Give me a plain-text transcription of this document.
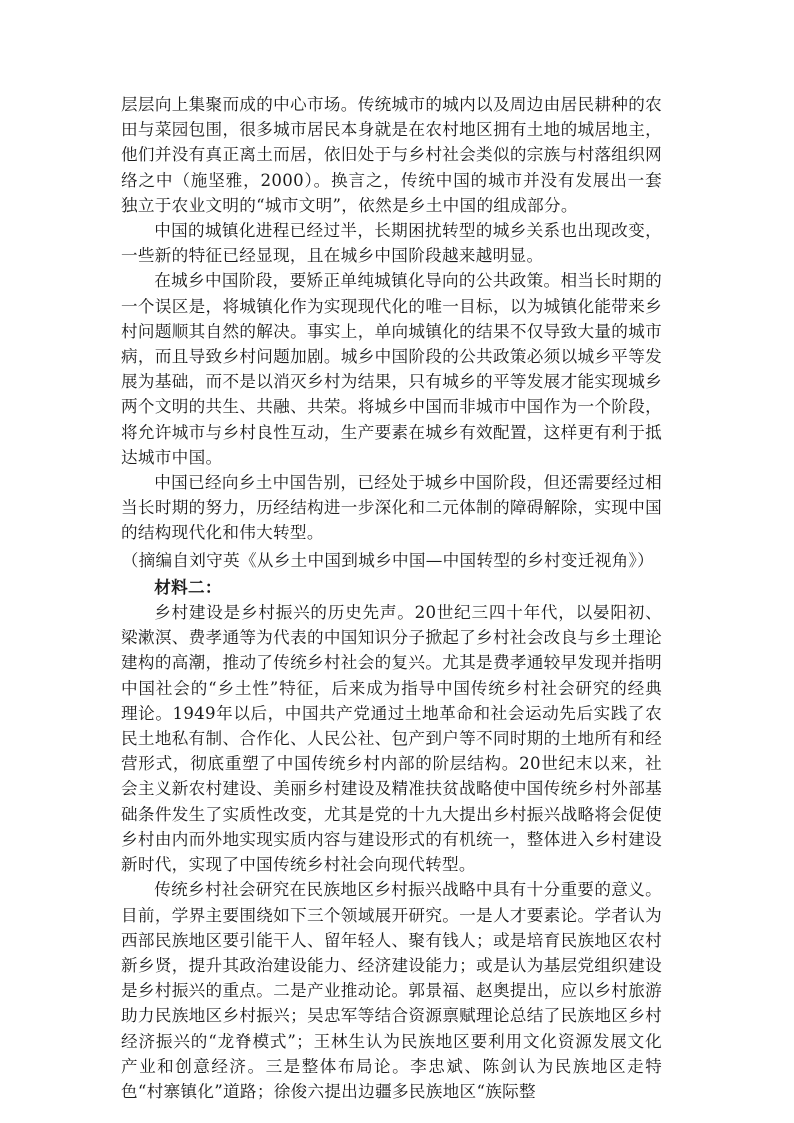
层层向上集聚而成的中心市场。传统城市的城内以及周边由居民耕种的农田与菜园包围，很多城市居民本身就是在农村地区拥有土地的城居地主，他们并没有真正离土而居，依旧处于与乡村社会类似的宗族与村落组织网络之中（施坚雅，2000）。换言之，传统中国的城市并没有发展出一套独立于农业文明的“城市文明”，依然是乡土中国的组成部分。

中国的城镇化进程已经过半，长期困扰转型的城乡关系也出现改变，一些新的特征已经显现，且在城乡中国阶段越来越明显。

在城乡中国阶段，要矫正单纯城镇化导向的公共政策。相当长时期的一个误区是，将城镇化作为实现现代化的唯一目标，以为城镇化能带来乡村问题顺其自然的解决。事实上，单向城镇化的结果不仅导致大量的城市病，而且导致乡村问题加剧。城乡中国阶段的公共政策必须以城乡平等发展为基础，而不是以消灭乡村为结果，只有城乡的平等发展才能实现城乡两个文明的共生、共融、共荣。将城乡中国而非城市中国作为一个阶段，将允许城市与乡村良性互动，生产要素在城乡有效配置，这样更有利于抵达城市中国。

中国已经向乡土中国告别，已经处于城乡中国阶段，但还需要经过相当长时期的努力，历经结构进一步深化和二元体制的障碍解除，实现中国的结构现代化和伟大转型。

（摘编自刘守英《从乡土中国到城乡中国—中国转型的乡村变迁视角》）

材料二：

乡村建设是乡村振兴的历史先声。20世纪三四十年代，以晏阳初、梁漱溟、费孝通等为代表的中国知识分子掀起了乡村社会改良与乡土理论建构的高潮，推动了传统乡村社会的复兴。尤其是费孝通较早发现并指明中国社会的“乡土性”特征，后来成为指导中国传统乡村社会研究的经典理论。1949年以后，中国共产党通过土地革命和社会运动先后实践了农民土地私有制、合作化、人民公社、包产到户等不同时期的土地所有和经营形式，彻底重塑了中国传统乡村内部的阶层结构。20世纪末以来，社会主义新农村建设、美丽乡村建设及精准扶贫战略使中国传统乡村外部基础条件发生了实质性改变，尤其是党的十九大提出乡村振兴战略将会促使乡村由内而外地实现实质内容与建设形式的有机统一，整体进入乡村建设新时代，实现了中国传统乡村社会向现代转型。

传统乡村社会研究在民族地区乡村振兴战略中具有十分重要的意义。目前，学界主要围绕如下三个领域展开研究。一是人才要素论。学者认为西部民族地区要引能干人、留年轻人、聚有钱人；或是培育民族地区农村新乡贤，提升其政治建设能力、经济建设能力；或是认为基层党组织建设是乡村振兴的重点。二是产业推动论。郭景福、赵奥提出，应以乡村旅游助力民族地区乡村振兴；吴忠军等结合资源禀赋理论总结了民族地区乡村经济振兴的“龙脊模式”；王林生认为民族地区要利用文化资源发展文化产业和创意经济。三是整体布局论。李忠斌、陈剑认为民族地区走特色“村寨镇化”道路；徐俊六提出边疆多民族地区“族际整
